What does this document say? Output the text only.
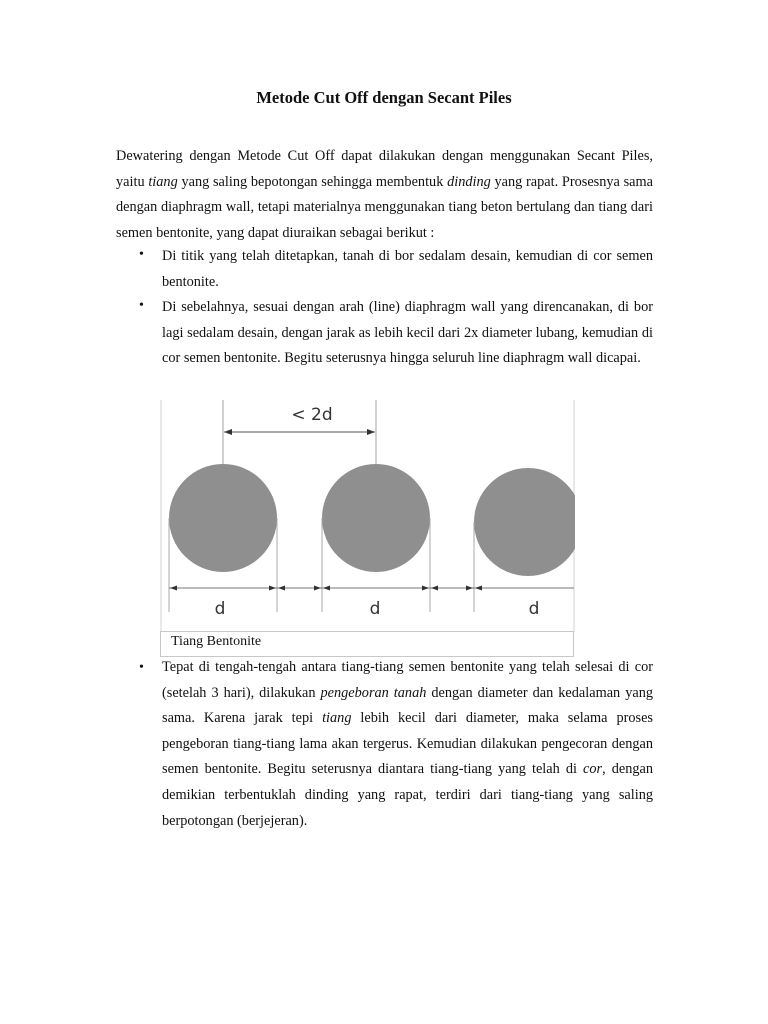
Metode Cut Off dengan Secant Piles
Dewatering dengan Metode Cut Off dapat dilakukan dengan menggunakan Secant Piles, yaitu tiang yang saling bepotongan sehingga membentuk dinding yang rapat. Prosesnya sama dengan diaphragm wall, tetapi materialnya menggunakan tiang beton bertulang dan tiang dari semen bentonite, yang dapat diuraikan sebagai berikut :
• Di titik yang telah ditetapkan, tanah di bor sedalam desain, kemudian di cor semen bentonite.
• Di sebelahnya, sesuai dengan arah (line) diaphragm wall yang direncanakan, di bor lagi sedalam desain, dengan jarak as lebih kecil dari 2x diameter lubang, kemudian di cor semen bentonite. Begitu seterusnya hingga seluruh line diaphragm wall dicapai.
< 2d
d	d	d
Tiang Bentonite
• Tepat di tengah-tengah antara tiang-tiang semen bentonite yang telah selesai di cor (setelah 3 hari), dilakukan pengeboran tanah dengan diameter dan kedalaman yang sama. Karena jarak tepi tiang lebih kecil dari diameter, maka selama proses pengeboran tiang-tiang lama akan tergerus. Kemudian dilakukan pengecoran dengan semen bentonite. Begitu seterusnya diantara tiang-tiang yang telah di cor, dengan demikian terbentuklah dinding yang rapat, terdiri dari tiang-tiang yang saling berpotongan (berjejeran).
